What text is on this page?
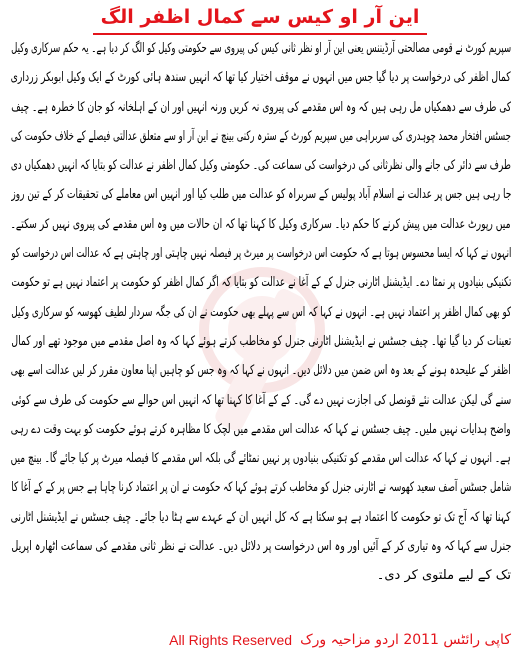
این آر او کیس سے کمال اظفر الگ
سپریم کورٹ نے قومی مصالحتی آرڈیننس یعنی این آر او نظر ثانی کیس کی پیروی سے حکومتی وکیل کو الگ کر دیا ہے۔ یہ حکم سرکاری وکیل
کمال اظفر کی درخواست پر دیا گیا جس میں انہوں نے موقف اختیار کیا تھا کہ انہیں سندھ ہائی کورٹ کے ایک وکیل ابوبکر زرداری
کی طرف سے دھمکیاں مل رہی ہیں کہ وہ اس مقدمے کی پیروی نہ کریں ورنہ انہیں اور ان کے اہلخانہ کو جان کا خطرہ ہے۔ چیف
جسٹس افتخار محمد چوہدری کی سربراہی میں سپریم کورٹ کے سترہ رکنی بینچ نے این آر او سے متعلق عدالتی فیصلے کے خلاف حکومت کی
طرف سے دائر کی جانے والی نظرثانی کی درخواست کی سماعت کی۔ حکومتی وکیل کمال اظفر نے عدالت کو بتایا کہ انہیں دھمکیاں دی
جا رہی ہیں جس پر عدالت نے اسلام آباد پولیس کے سربراہ کو عدالت میں طلب کیا اور انہیں اس معاملے کی تحقیقات کر کے تین روز
میں رپورٹ عدالت میں پیش کرنے کا حکم دیا۔ سرکاری وکیل کا کہنا تھا کہ ان حالات میں وہ اس مقدمے کی پیروی نہیں کر سکتے۔
انہوں نے کہا کہ ایسا محسوس ہوتا ہے کہ حکومت اس درخواست پر میرٹ پر فیصلہ نہیں چاہتی اور چاہتی ہے کہ عدالت اس درخواست کو
تکنیکی بنیادوں پر نمٹا دے۔ ایڈیشنل اٹارنی جنرل کے کے آغا نے عدالت کو بتایا کہ اگر کمال اظفر کو حکومت پر اعتماد نہیں ہے تو حکومت
کو بھی کمال اظفر پر اعتماد نہیں ہے۔ انہوں نے کہا کہ اس سے پہلے بھی حکومت نے ان کی جگہ سردار لطیف کھوسہ کو سرکاری وکیل
تعینات کر دیا گیا تھا۔ چیف جسٹس نے ایڈیشنل اٹارنی جنرل کو مخاطب کرتے ہوئے کہا کہ وہ اصل مقدمے میں موجود تھے اور کمال
اظفر کے علیحدہ ہونے کے بعد وہ اس ضمن میں دلائل دیں۔ انہوں نے کہا کہ وہ جس کو چاہیں اپنا معاون مقرر کر لیں عدالت اسے بھی
سنے گی لیکن عدالت نئے قونصل کی اجازت نہیں دے گی۔ کے کے آغا کا کہنا تھا کہ انہیں اس حوالے سے حکومت کی طرف سے کوئی
واضح ہدایات نہیں ملیں۔ چیف جسٹس نے کہا کہ عدالت اس مقدمے میں لچک کا مظاہرہ کرتے ہوئے حکومت کو بہت وقت دے رہی
ہے۔ انہوں نے کہا کہ عدالت اس مقدمے کو تکنیکی بنیادوں پر نہیں نمٹائے گی بلکہ اس مقدمے کا فیصلہ میرٹ پر کیا جائے گا۔ بینچ میں
شامل جسٹس آصف سعید کھوسہ نے اٹارنی جنرل کو مخاطب کرتے ہوئے کہا کہ حکومت نے ان پر اعتماد کرنا چاہا ہے جس پر کے کے آغا کا
کہنا تھا کہ آج تک تو حکومت کا اعتماد ہے ہو سکتا ہے کہ کل انہیں ان کے عہدے سے ہٹا دیا جائے۔ چیف جسٹس نے ایڈیشنل اٹارنی
جنرل سے کہا کہ وہ تیاری کر کے آئیں اور وہ اس درخواست پر دلائل دیں۔ عدالت نے نظر ثانی مقدمے کی سماعت اٹھارہ اپریل
تک کے لیے ملتوی کر دی۔
کاپی رائٹس 2011 اردو مزاحیہ ورک
All Rights Reserved
